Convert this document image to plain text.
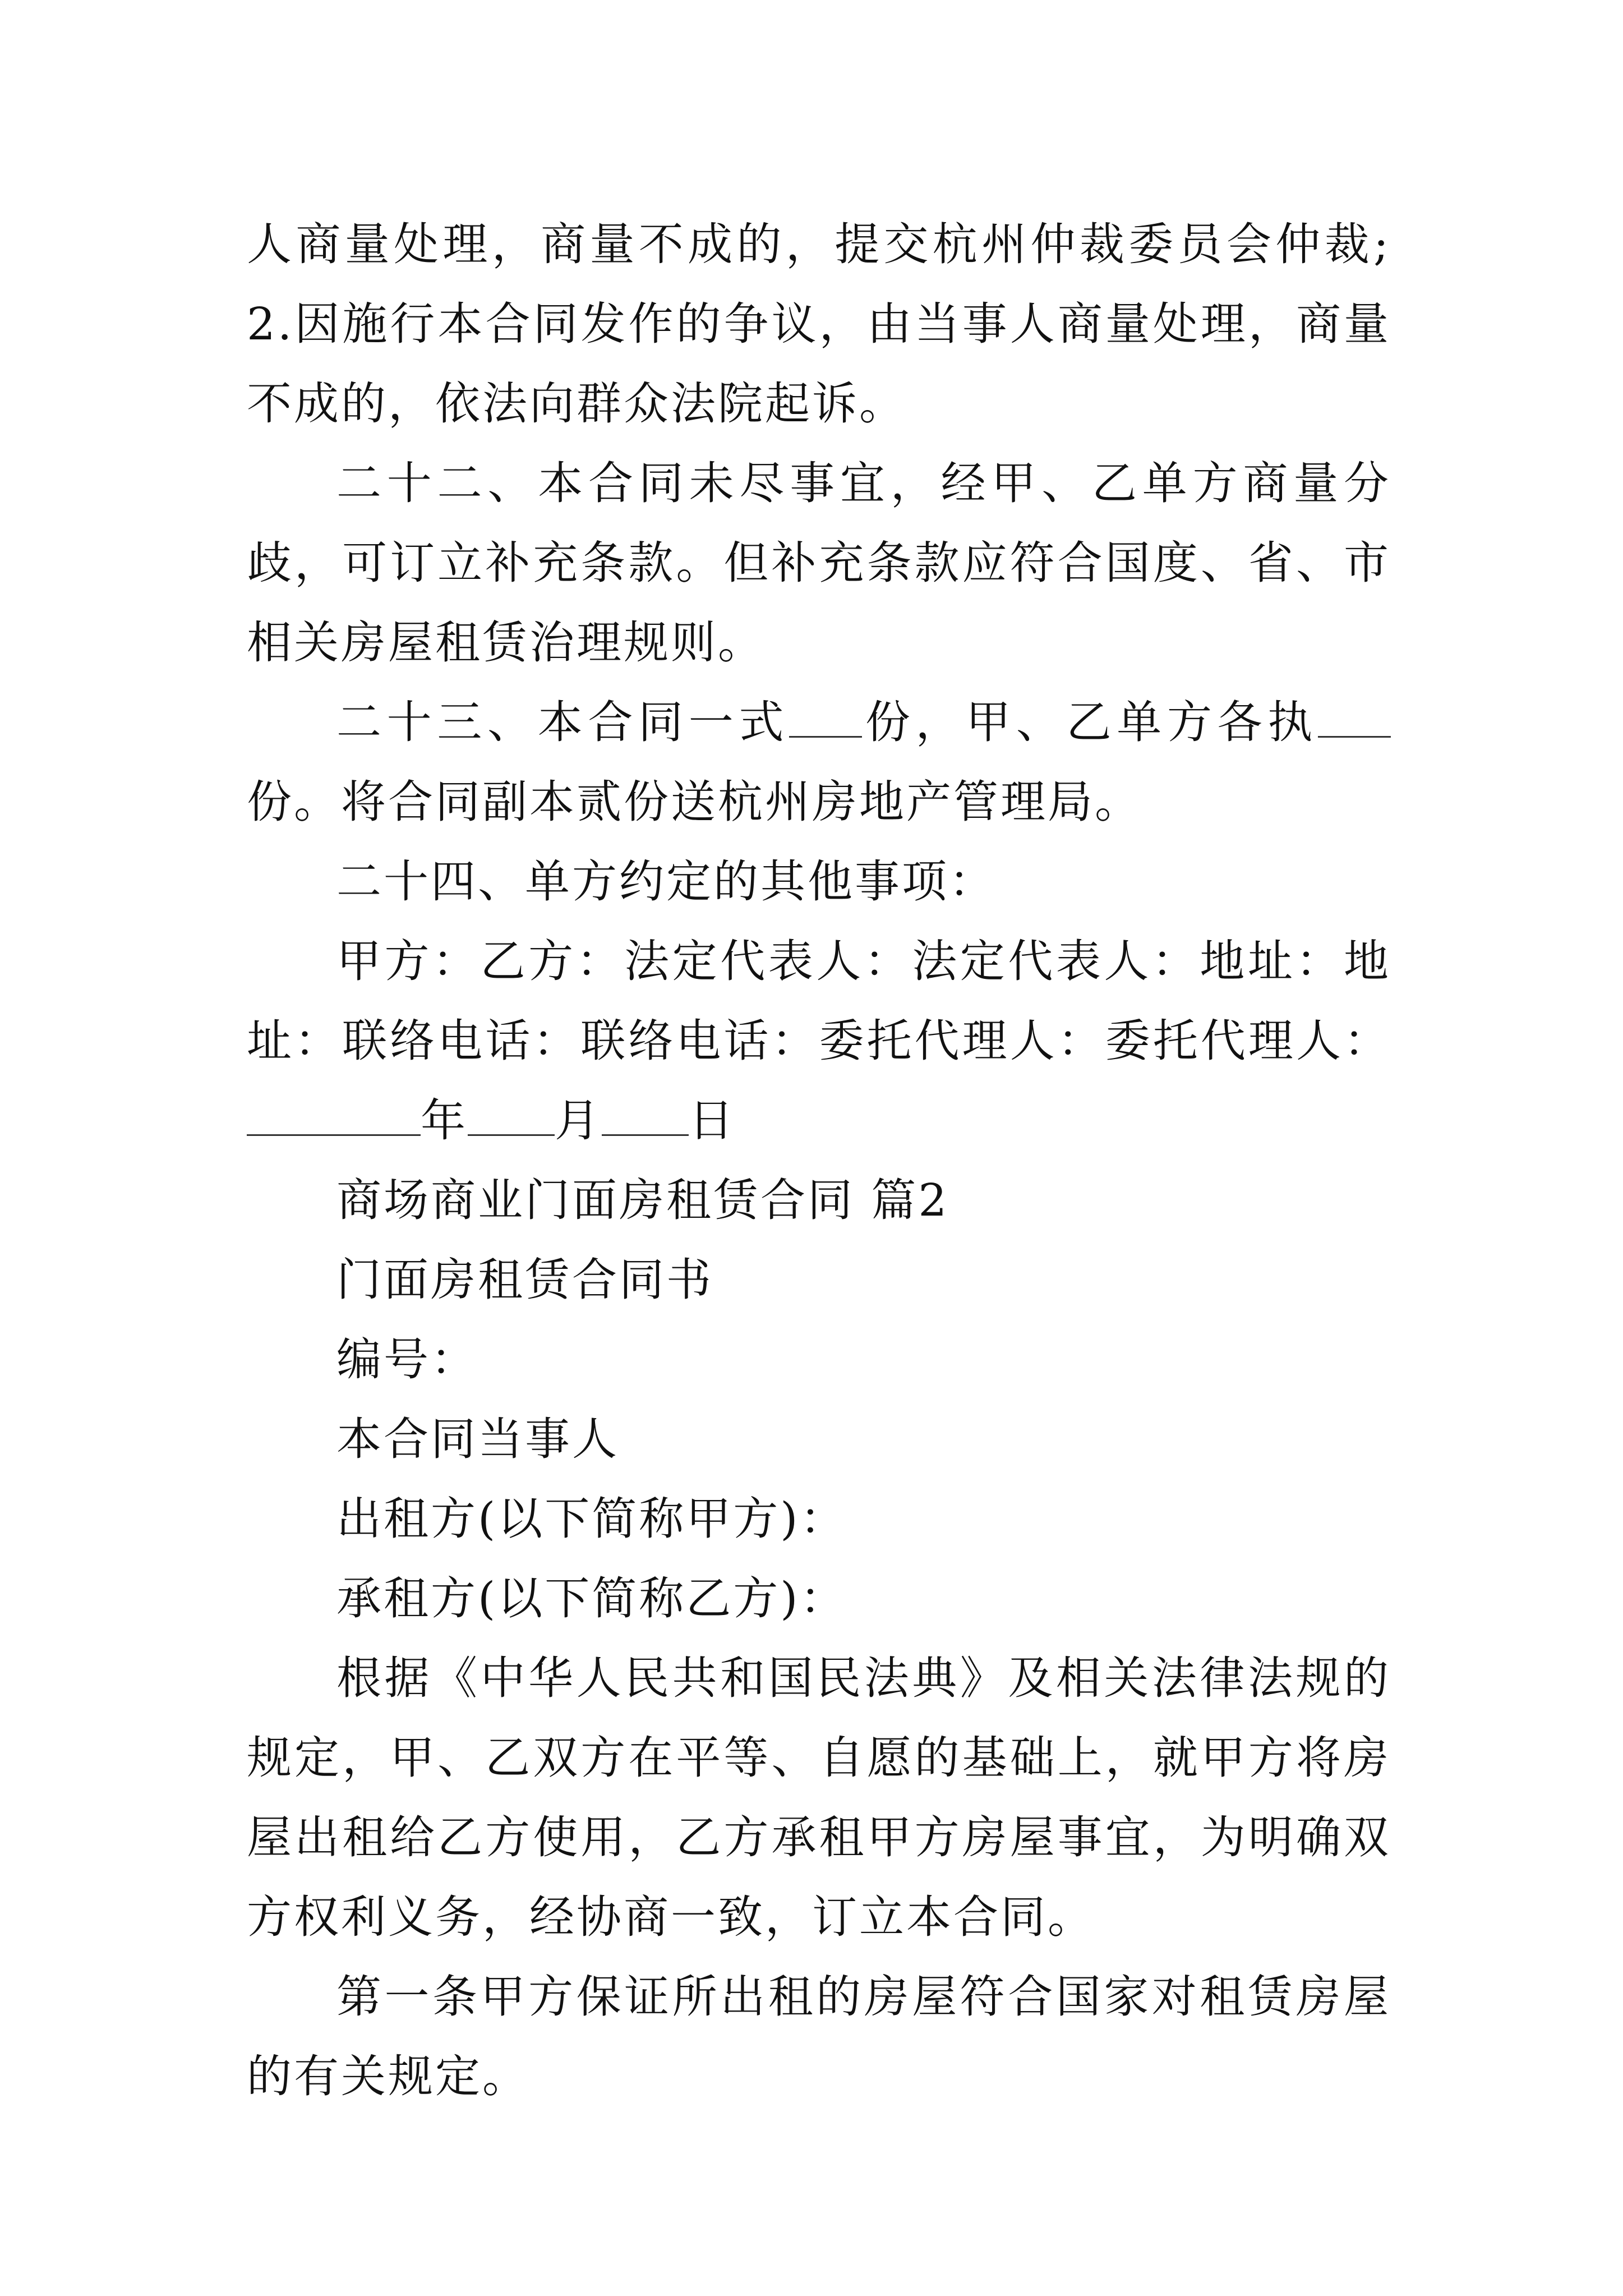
人商量处理，商量不成的，提交杭州仲裁委员会仲裁;2.因施行本合同发作的争议，由当事人商量处理，商量不成的，依法向群众法院起诉。

二十二、本合同未尽事宜，经甲、乙单方商量分歧，可订立补充条款。但补充条款应符合国度、省、市相关房屋租赁治理规则。

二十三、本合同一式 份，甲、乙单方各执份。将合同副本贰份送杭州房地产管理局。

二十四、单方约定的其他事项：

甲方：乙方：法定代表人：法定代表人：地址：地址：联络电话：联络电话：委托代理人：委托代理人：年 月 日

商场商业门面房租赁合同 篇2

门面房租赁合同书

编号：

本合同当事人

出租方(以下简称甲方)：

承租方(以下简称乙方)：

根据《中华人民共和国民法典》及相关法律法规的规定，甲、乙双方在平等、自愿的基础上，就甲方将房屋出租给乙方使用，乙方承租甲方房屋事宜，为明确双方权利义务，经协商一致，订立本合同。

第一条甲方保证所出租的房屋符合国家对租赁房屋的有关规定。
